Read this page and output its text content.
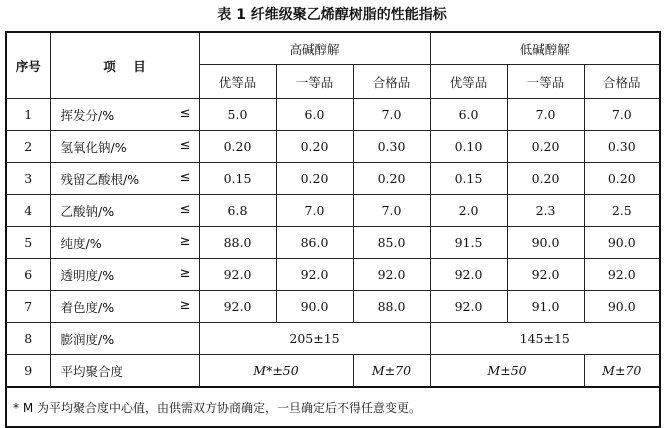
表 1 纤维级聚乙烯醇树脂的性能指标
序号	项    目	高碱醇解			低碱醇解		
		优等品	一等品	合格品	优等品	一等品	合格品
1	挥发分/% ≤	5.0	6.0	7.0	6.0	7.0	7.0
2	氢氧化钠/% ≤	0.20	0.20	0.30	0.10	0.20	0.30
3	残留乙酸根/% ≤	0.15	0.20	0.20	0.15	0.20	0.20
4	乙酸钠/% ≤	6.8	7.0	7.0	2.0	2.3	2.5
5	纯度/% ≥	88.0	86.0	85.0	91.5	90.0	90.0
6	透明度/% ≥	92.0	92.0	92.0	92.0	92.0	92.0
7	着色度/% ≥	92.0	90.0	88.0	92.0	91.0	90.0
8	膨润度/%	205±15			145±15		
9	平均聚合度	M*±50		M±70	M±50		M±70
* M 为平均聚合度中心值，由供需双方协商确定，一旦确定后不得任意变更。							
